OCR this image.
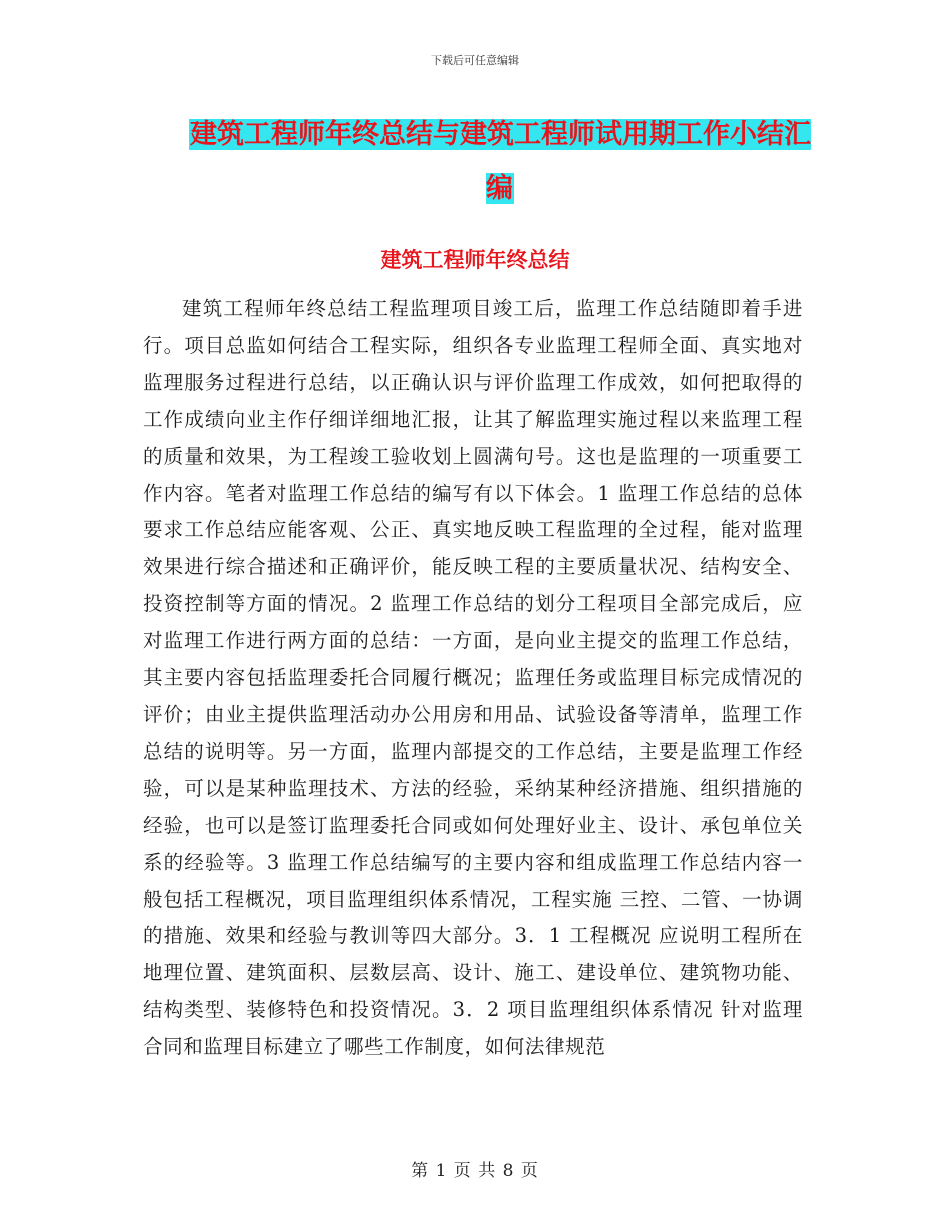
下载后可任意编辑
建筑工程师年终总结与建筑工程师试用期工作小结汇编
建筑工程师年终总结

建筑工程师年终总结工程监理项目竣工后，监理工作总结随即着手进行。项目总监如何结合工程实际，组织各专业监理工程师全面、真实地对监理服务过程进行总结，以正确认识与评价监理工作成效，如何把取得的工作成绩向业主作仔细详细地汇报，让其了解监理实施过程以来监理工程的质量和效果，为工程竣工验收划上圆满句号。这也是监理的一项重要工作内容。笔者对监理工作总结的编写有以下体会。1 监理工作总结的总体要求工作总结应能客观、公正、真实地反映工程监理的全过程，能对监理效果进行综合描述和正确评价，能反映工程的主要质量状况、结构安全、投资控制等方面的情况。2 监理工作总结的划分工程项目全部完成后，应对监理工作进行两方面的总结：一方面，是向业主提交的监理工作总结，其主要内容包括监理委托合同履行概况；监理任务或监理目标完成情况的评价；由业主提供监理活动办公用房和用品、试验设备等清单，监理工作总结的说明等。另一方面，监理内部提交的工作总结，主要是监理工作经验，可以是某种监理技术、方法的经验，采纳某种经济措施、组织措施的经验，也可以是签订监理委托合同或如何处理好业主、设计、承包单位关系的经验等。3 监理工作总结编写的主要内容和组成监理工作总结内容一般包括工程概况，项目监理组织体系情况，工程实施 三控、二管、一协调 的措施、效果和经验与教训等四大部分。3．1 工程概况 应说明工程所在地理位置、建筑面积、层数层高、设计、施工、建设单位、建筑物功能、结构类型、装修特色和投资情况。3．2 项目监理组织体系情况 针对监理合同和监理目标建立了哪些工作制度，如何法律规范

第 1 页 共 8 页
